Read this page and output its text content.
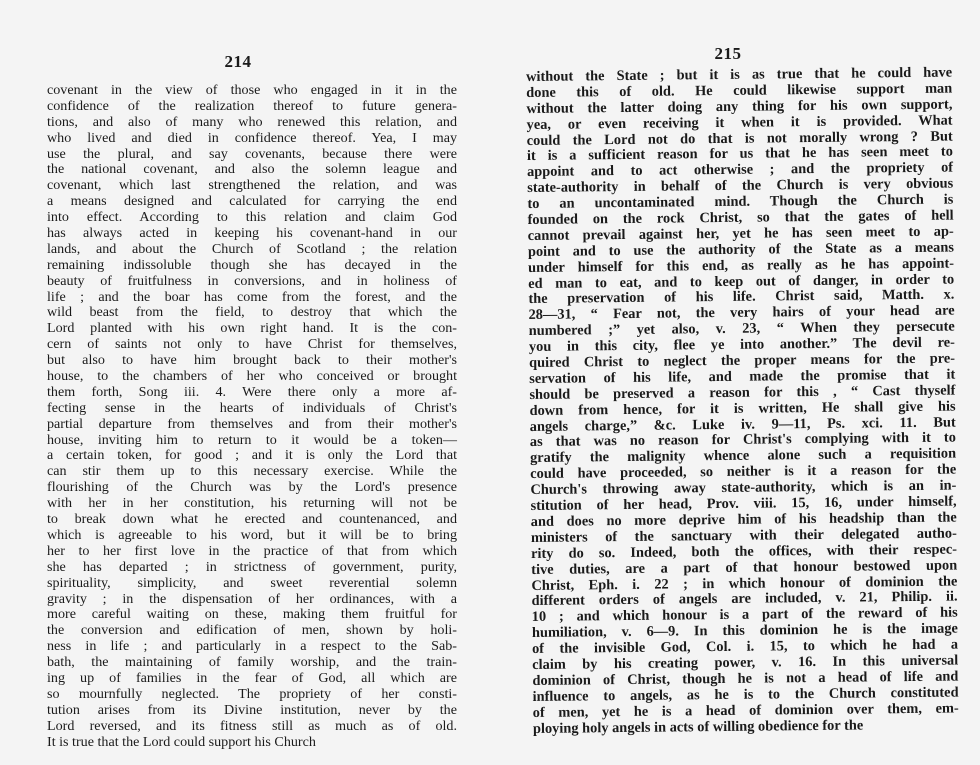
214
covenant in the view of those who engaged in it in the
confidence of the realization thereof to future genera-
tions, and also of many who renewed this relation, and
who lived and died in confidence thereof. Yea, I may
use the plural, and say covenants, because there were
the national covenant, and also the solemn league and
covenant, which last strengthened the relation, and was
a means designed and calculated for carrying the end
into effect. According to this relation and claim God
has always acted in keeping his covenant-hand in our
lands, and about the Church of Scotland ; the relation
remaining indissoluble though she has decayed in the
beauty of fruitfulness in conversions, and in holiness of
life ; and the boar has come from the forest, and the
wild beast from the field, to destroy that which the
Lord planted with his own right hand. It is the con-
cern of saints not only to have Christ for themselves,
but also to have him brought back to their mother's
house, to the chambers of her who conceived or brought
them forth, Song iii. 4. Were there only a more af-
fecting sense in the hearts of individuals of Christ's
partial departure from themselves and from their mother's
house, inviting him to return to it would be a token—
a certain token, for good ; and it is only the Lord that
can stir them up to this necessary exercise. While the
flourishing of the Church was by the Lord's presence
with her in her constitution, his returning will not be
to break down what he erected and countenanced, and
which is agreeable to his word, but it will be to bring
her to her first love in the practice of that from which
she has departed ; in strictness of government, purity,
spirituality, simplicity, and sweet reverential solemn
gravity ; in the dispensation of her ordinances, with a
more careful waiting on these, making them fruitful for
the conversion and edification of men, shown by holi-
ness in life ; and particularly in a respect to the Sab-
bath, the maintaining of family worship, and the train-
ing up of families in the fear of God, all which are
so mournfully neglected. The propriety of her consti-
tution arises from its Divine institution, never by the
Lord reversed, and its fitness still as much as of old.
It is true that the Lord could support his Church
215
without the State ; but it is as true that he could have
done this of old. He could likewise support man
without the latter doing any thing for his own support,
yea, or even receiving it when it is provided. What
could the Lord not do that is not morally wrong ? But
it is a sufficient reason for us that he has seen meet to
appoint and to act otherwise ; and the propriety of
state-authority in behalf of the Church is very obvious
to an uncontaminated mind. Though the Church is
founded on the rock Christ, so that the gates of hell
cannot prevail against her, yet he has seen meet to ap-
point and to use the authority of the State as a means
under himself for this end, as really as he has appoint-
ed man to eat, and to keep out of danger, in order to
the preservation of his life. Christ said, Matth. x.
28—31, “ Fear not, the very hairs of your head are
numbered ;” yet also, v. 23, “ When they persecute
you in this city, flee ye into another.” The devil re-
quired Christ to neglect the proper means for the pre-
servation of his life, and made the promise that it
should be preserved a reason for this , “ Cast thyself
down from hence, for it is written, He shall give his
angels charge,” &c. Luke iv. 9—11, Ps. xci. 11. But
as that was no reason for Christ's complying with it to
gratify the malignity whence alone such a requisition
could have proceeded, so neither is it a reason for the
Church's throwing away state-authority, which is an in-
stitution of her head, Prov. viii. 15, 16, under himself,
and does no more deprive him of his headship than the
ministers of the sanctuary with their delegated autho-
rity do so. Indeed, both the offices, with their respec-
tive duties, are a part of that honour bestowed upon
Christ, Eph. i. 22 ; in which honour of dominion the
different orders of angels are included, v. 21, Philip. ii.
10 ; and which honour is a part of the reward of his
humiliation, v. 6—9. In this dominion he is the image
of the invisible God, Col. i. 15, to which he had a
claim by his creating power, v. 16. In this universal
dominion of Christ, though he is not a head of life and
influence to angels, as he is to the Church constituted
of men, yet he is a head of dominion over them, em-
ploying holy angels in acts of willing obedience for the
